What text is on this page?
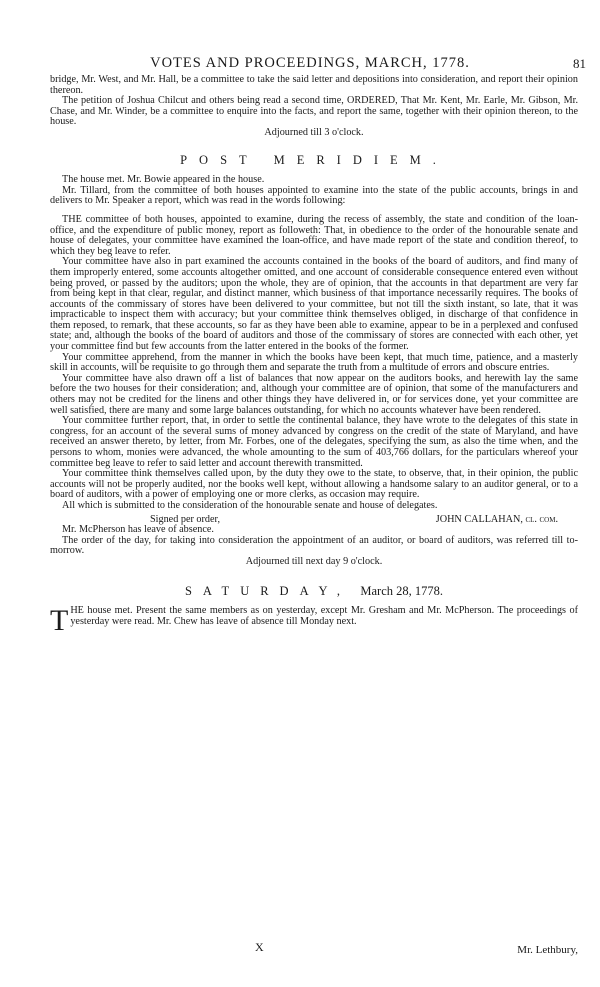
VOTES AND PROCEEDINGS, MARCH, 1778.	81

bridge, Mr. West, and Mr. Hall, be a committee to take the said letter and depositions into consideration, and report their opinion thereon.

The petition of Joshua Chilcut and others being read a second time, ORDERED, That Mr. Kent, Mr. Earle, Mr. Gibson, Mr. Chase, and Mr. Winder, be a committee to enquire into the facts, and report the same, together with their opinion thereon, to the house.

Adjourned till 3 o'clock.

POST MERIDIEM.

The house met. Mr. Bowie appeared in the house.

Mr. Tillard, from the committee of both houses appointed to examine into the state of the public accounts, brings in and delivers to Mr. Speaker a report, which was read in the words following:

THE committee of both houses, appointed to examine, during the recess of assembly, the state and condition of the loan-office, and the expenditure of public money, report as followeth: That, in obedience to the order of the honourable senate and house of delegates, your committee have examined the loan-office, and have made report of the state and condition thereof, to which they beg leave to refer.

Your committee have also in part examined the accounts contained in the books of the board of auditors, and find many of them improperly entered, some accounts altogether omitted, and one account of considerable consequence entered even without being proved, or passed by the auditors; upon the whole, they are of opinion, that the accounts in that department are very far from being kept in that clear, regular, and distinct manner, which business of that importance necessarily requires. The books of accounts of the commissary of stores have been delivered to your committee, but not till the sixth instant, so late, that it was impracticable to inspect them with accuracy; but your committee think themselves obliged, in discharge of that confidence in them reposed, to remark, that these accounts, so far as they have been able to examine, appear to be in a perplexed and confused state; and, although the books of the board of auditors and those of the commissary of stores are connected with each other, yet your committee find but few accounts from the latter entered in the books of the former.

Your committee apprehend, from the manner in which the books have been kept, that much time, patience, and a masterly skill in accounts, will be requisite to go through them and separate the truth from a multitude of errors and obscure entries.

Your committee have also drawn off a list of balances that now appear on the auditors books, and herewith lay the same before the two houses for their consideration; and, although your committee are of opinion, that some of the manufacturers and others may not be credited for the linens and other things they have delivered in, or for services done, yet your committee are well satisfied, there are many and some large balances outstanding, for which no accounts whatever have been rendered.

Your committee further report, that, in order to settle the continental balance, they have wrote to the delegates of this state in congress, for an account of the several sums of money advanced by congress on the credit of the state of Maryland, and have received an answer thereto, by letter, from Mr. Forbes, one of the delegates, specifying the sum, as also the time when, and the persons to whom, monies were advanced, the whole amounting to the sum of 403,766 dollars, for the particulars whereof your committee beg leave to refer to said letter and account therewith transmitted.

Your committee think themselves called upon, by the duty they owe to the state, to observe, that, in their opinion, the public accounts will not be properly audited, nor the books well kept, without allowing a handsome salary to an auditor general, or to a board of auditors, with a power of employing one or more clerks, as occasion may require.

All which is submitted to the consideration of the honourable senate and house of delegates.

Signed per order,	JOHN CALLAHAN, cl. com.

Mr. McPherson has leave of absence.

The order of the day, for taking into consideration the appointment of an auditor, or board of auditors, was referred till to-morrow.

Adjourned till next day 9 o'clock.

SATURDAY, March 28, 1778.

THE house met. Present the same members as on yesterday, except Mr. Gresham and Mr. McPherson. The proceedings of yesterday were read. Mr. Chew has leave of absence till Monday next.

X	Mr. Lethbury,
